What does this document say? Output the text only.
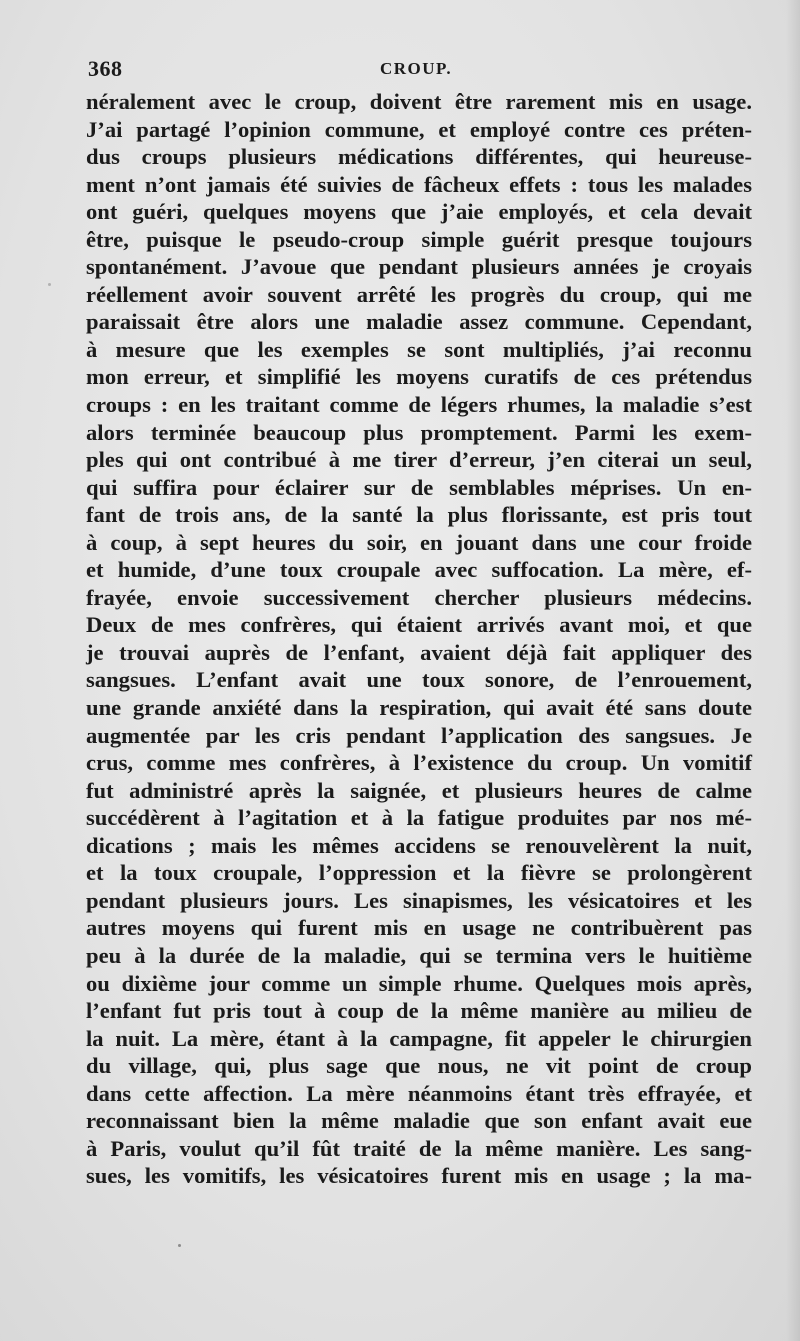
368	CROUP.
néralement avec le croup, doivent être rarement mis en usage.
J’ai partagé l’opinion commune, et employé contre ces préten-
dus croups plusieurs médications différentes, qui heureuse-
ment n’ont jamais été suivies de fâcheux effets : tous les malades
ont guéri, quelques moyens que j’aie employés, et cela devait
être, puisque le pseudo-croup simple guérit presque toujours
spontanément. J’avoue que pendant plusieurs années je croyais
réellement avoir souvent arrêté les progrès du croup, qui me
paraissait être alors une maladie assez commune. Cependant,
à mesure que les exemples se sont multipliés, j’ai reconnu
mon erreur, et simplifié les moyens curatifs de ces prétendus
croups : en les traitant comme de légers rhumes, la maladie s’est
alors terminée beaucoup plus promptement. Parmi les exem-
ples qui ont contribué à me tirer d’erreur, j’en citerai un seul,
qui suffira pour éclairer sur de semblables méprises. Un en-
fant de trois ans, de la santé la plus florissante, est pris tout
à coup, à sept heures du soir, en jouant dans une cour froide
et humide, d’une toux croupale avec suffocation. La mère, ef-
frayée, envoie successivement chercher plusieurs médecins.
Deux de mes confrères, qui étaient arrivés avant moi, et que
je trouvai auprès de l’enfant, avaient déjà fait appliquer des
sangsues. L’enfant avait une toux sonore, de l’enrouement,
une grande anxiété dans la respiration, qui avait été sans doute
augmentée par les cris pendant l’application des sangsues. Je
crus, comme mes confrères, à l’existence du croup. Un vomitif
fut administré après la saignée, et plusieurs heures de calme
succédèrent à l’agitation et à la fatigue produites par nos mé-
dications ; mais les mêmes accidens se renouvelèrent la nuit,
et la toux croupale, l’oppression et la fièvre se prolongèrent
pendant plusieurs jours. Les sinapismes, les vésicatoires et les
autres moyens qui furent mis en usage ne contribuèrent pas
peu à la durée de la maladie, qui se termina vers le huitième
ou dixième jour comme un simple rhume. Quelques mois après,
l’enfant fut pris tout à coup de la même manière au milieu de
la nuit. La mère, étant à la campagne, fit appeler le chirurgien
du village, qui, plus sage que nous, ne vit point de croup
dans cette affection. La mère néanmoins étant très effrayée, et
reconnaissant bien la même maladie que son enfant avait eue
à Paris, voulut qu’il fût traité de la même manière. Les sang-
sues, les vomitifs, les vésicatoires furent mis en usage ; la ma-
